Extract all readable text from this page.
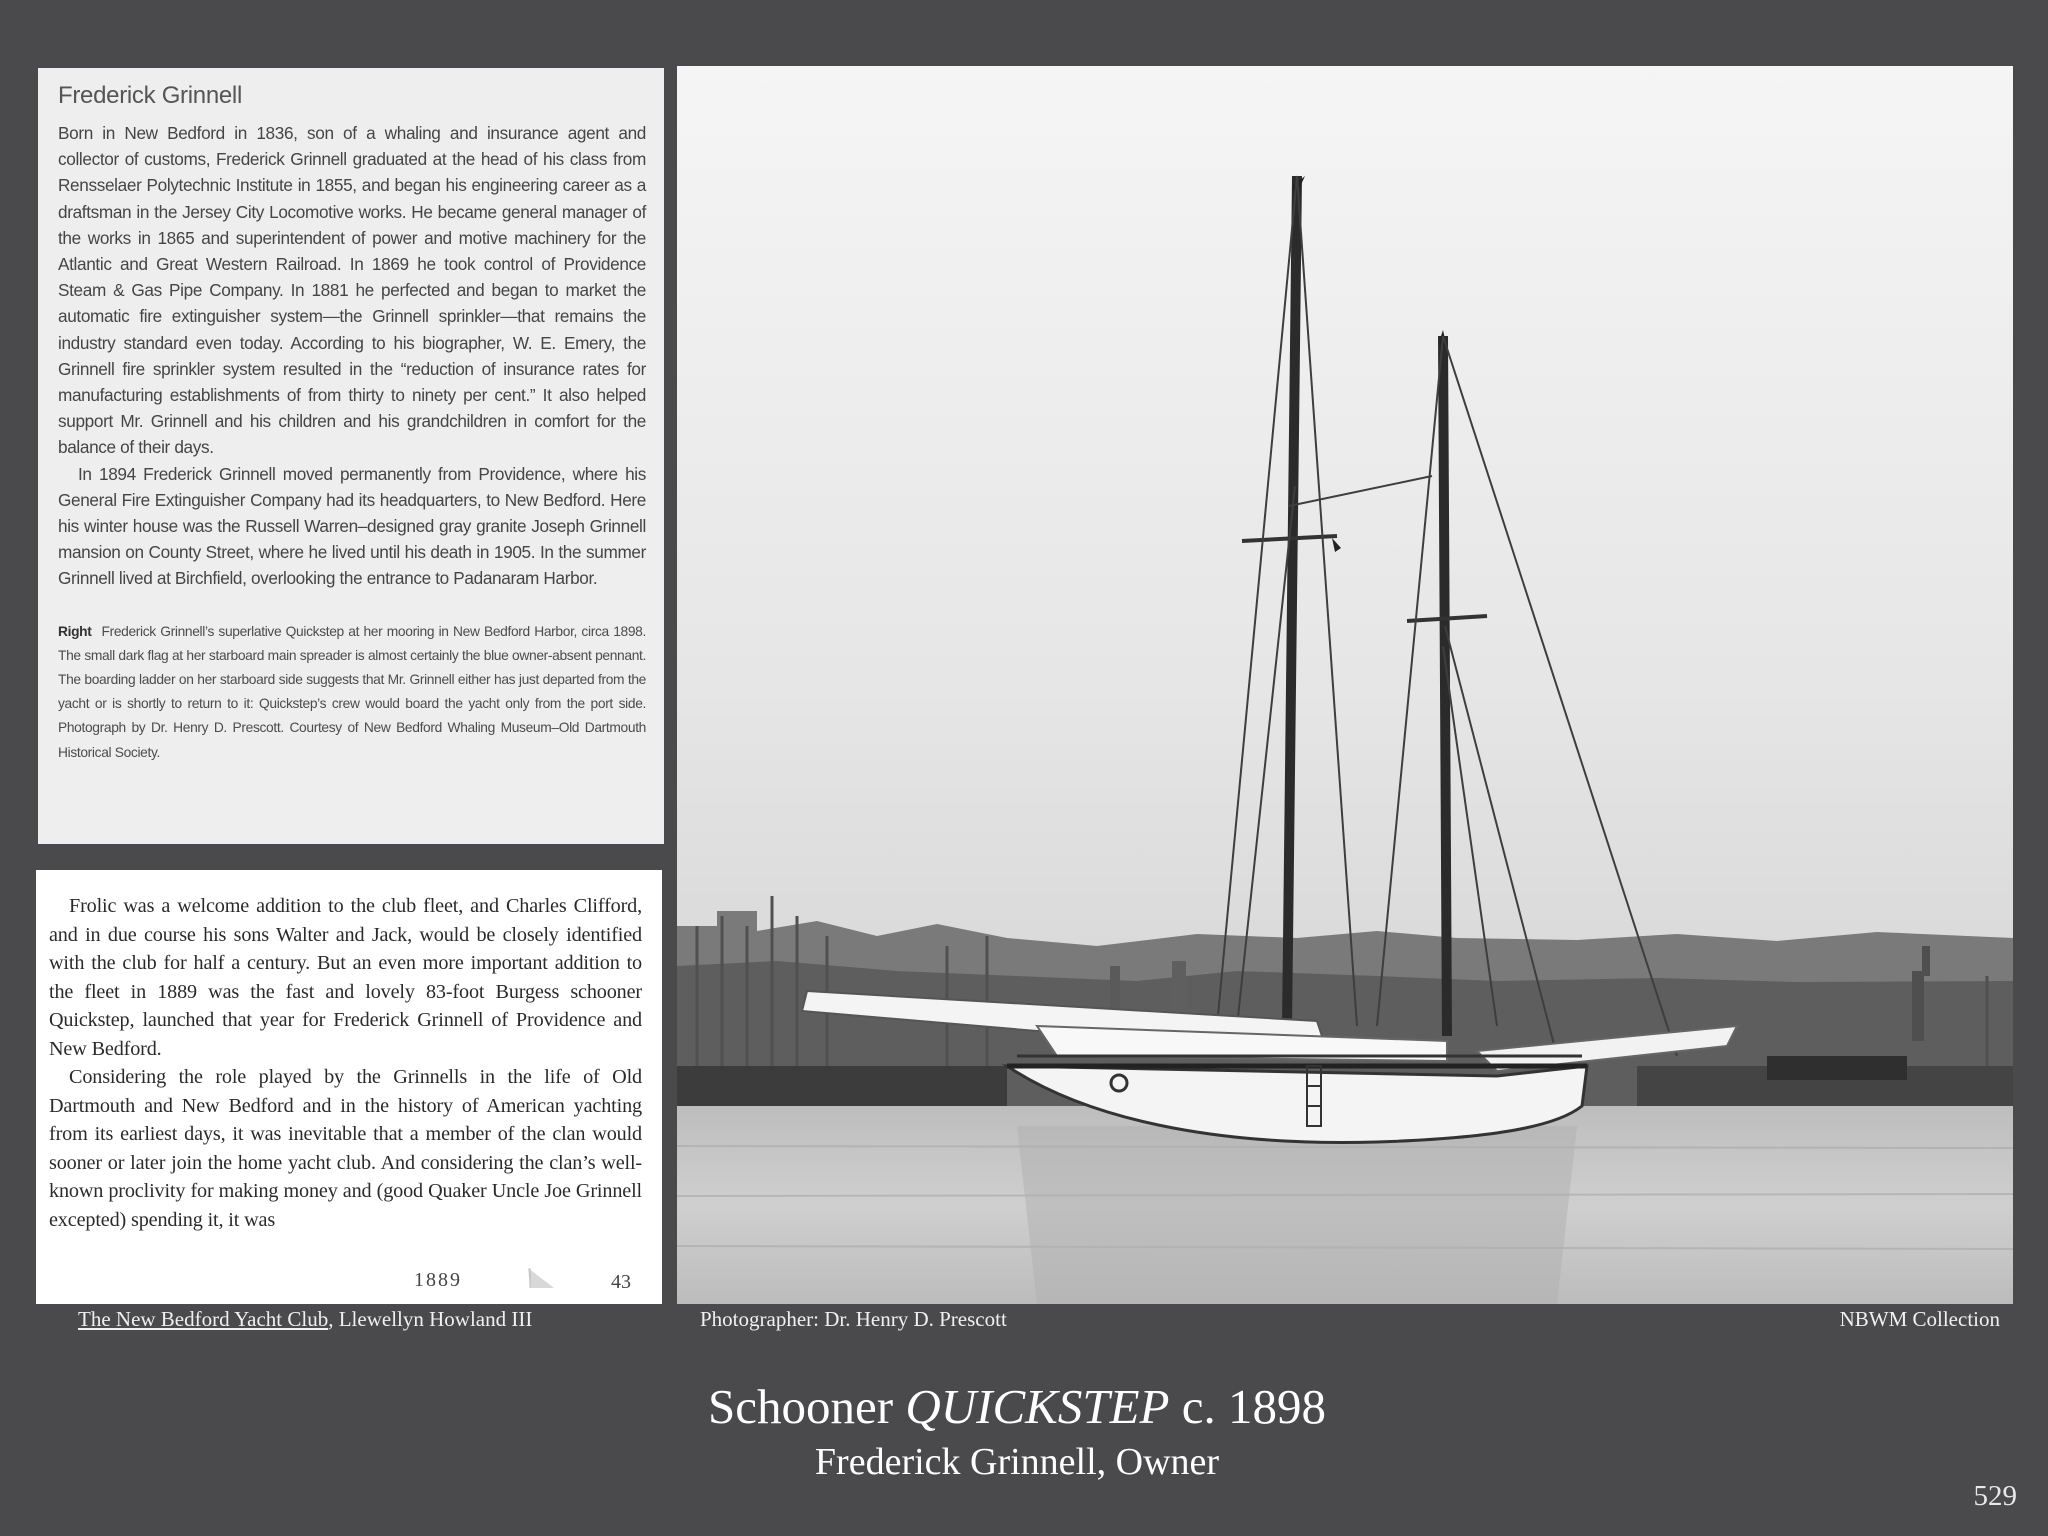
Frederick Grinnell

Born in New Bedford in 1836, son of a whaling and insurance agent and collector of customs, Frederick Grinnell graduated at the head of his class from Rensselaer Polytechnic Institute in 1855, and began his engineering career as a draftsman in the Jersey City Locomotive works. He became general manager of the works in 1865 and superintendent of power and motive machinery for the Atlantic and Great Western Railroad. In 1869 he took control of Providence Steam & Gas Pipe Company. In 1881 he perfected and began to market the automatic fire extinguisher system—the Grinnell sprinkler—that remains the industry standard even today. According to his biographer, W. E. Emery, the Grinnell fire sprinkler system resulted in the “reduction of insurance rates for manufacturing establishments of from thirty to ninety per cent.” It also helped support Mr. Grinnell and his children and his grandchildren in comfort for the balance of their days.

In 1894 Frederick Grinnell moved permanently from Providence, where his General Fire Extinguisher Company had its headquarters, to New Bedford. Here his winter house was the Russell Warren–designed gray granite Joseph Grinnell mansion on County Street, where he lived until his death in 1905. In the summer Grinnell lived at Birchfield, overlooking the entrance to Padanaram Harbor.

Right Frederick Grinnell’s superlative Quickstep at her mooring in New Bedford Harbor, circa 1898. The small dark flag at her starboard main spreader is almost certainly the blue owner-absent pennant. The boarding ladder on her starboard side suggests that Mr. Grinnell either has just departed from the yacht or is shortly to return to it: Quickstep’s crew would board the yacht only from the port side. Photograph by Dr. Henry D. Prescott. Courtesy of New Bedford Whaling Museum–Old Dartmouth Historical Society.

Frolic was a welcome addition to the club fleet, and Charles Clifford, and in due course his sons Walter and Jack, would be closely identified with the club for half a century. But an even more important addition to the fleet in 1889 was the fast and lovely 83-foot Burgess schooner Quickstep, launched that year for Frederick Grinnell of Providence and New Bedford.

Considering the role played by the Grinnells in the life of Old Dartmouth and New Bedford and in the history of American yachting from its earliest days, it was inevitable that a member of the clan would sooner or later join the home yacht club. And considering the clan’s well-known proclivity for making money and (good Quaker Uncle Joe Grinnell excepted) spending it, it was

1889	43
The New Bedford Yacht Club, Llewellyn Howland III	Photographer: Dr. Henry D. Prescott	NBWM Collection
Schooner QUICKSTEP c. 1898
Frederick Grinnell, Owner
529
